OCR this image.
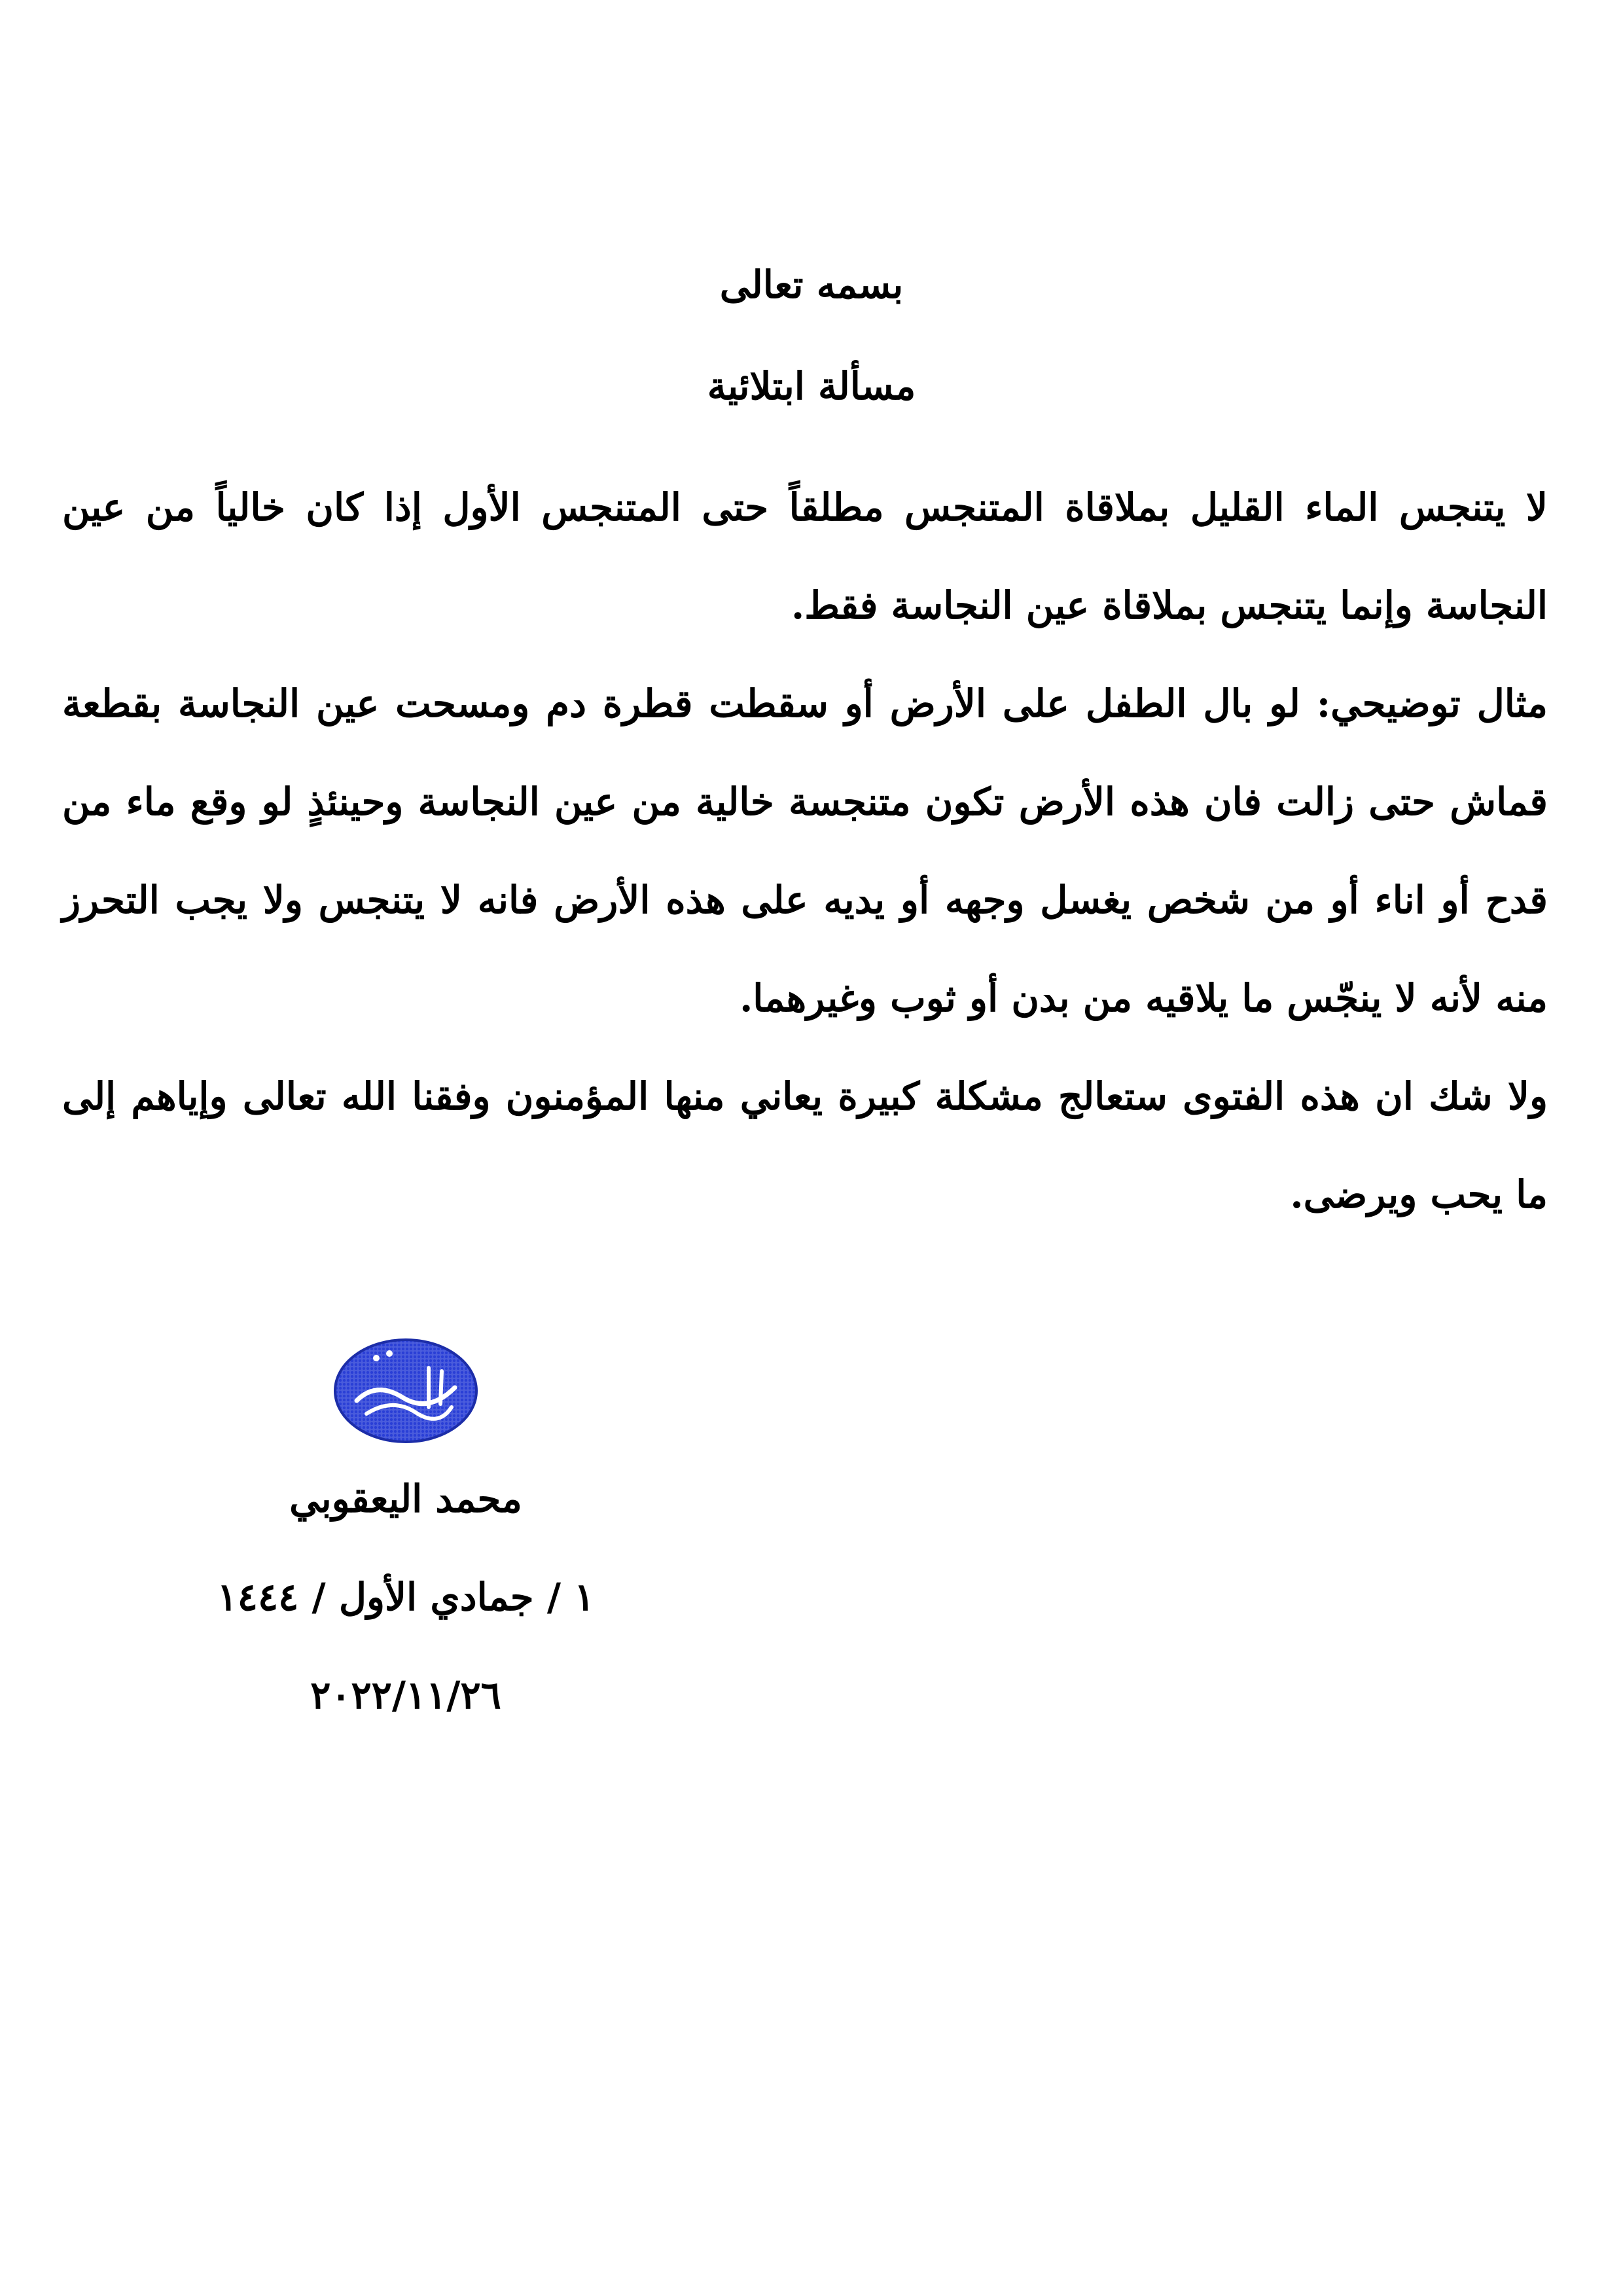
بسمه تعالى
مسألة ابتلائية

لا يتنجس الماء القليل بملاقاة المتنجس مطلقاً حتى المتنجس الأول إذا كان خالياً من عين النجاسة وإنما يتنجس بملاقاة عين النجاسة فقط.

مثال توضيحي: لو بال الطفل على الأرض أو سقطت قطرة دم ومسحت عين النجاسة بقطعة قماش حتى زالت فان هذه الأرض تكون متنجسة خالية من عين النجاسة وحينئذٍ لو وقع ماء من قدح أو اناء أو من شخص يغسل وجهه أو يديه على هذه الأرض فانه لا يتنجس ولا يجب التحرز منه لأنه لا ينجّس ما يلاقيه من بدن أو ثوب وغيرهما.

ولا شك ان هذه الفتوى ستعالج مشكلة كبيرة يعاني منها المؤمنون وفقنا الله تعالى وإياهم إلى ما يحب ويرضى.

محمد اليعقوبي

١ / جمادي الأول / ١٤٤٤

٢٠٢٢/١١/٢٦
